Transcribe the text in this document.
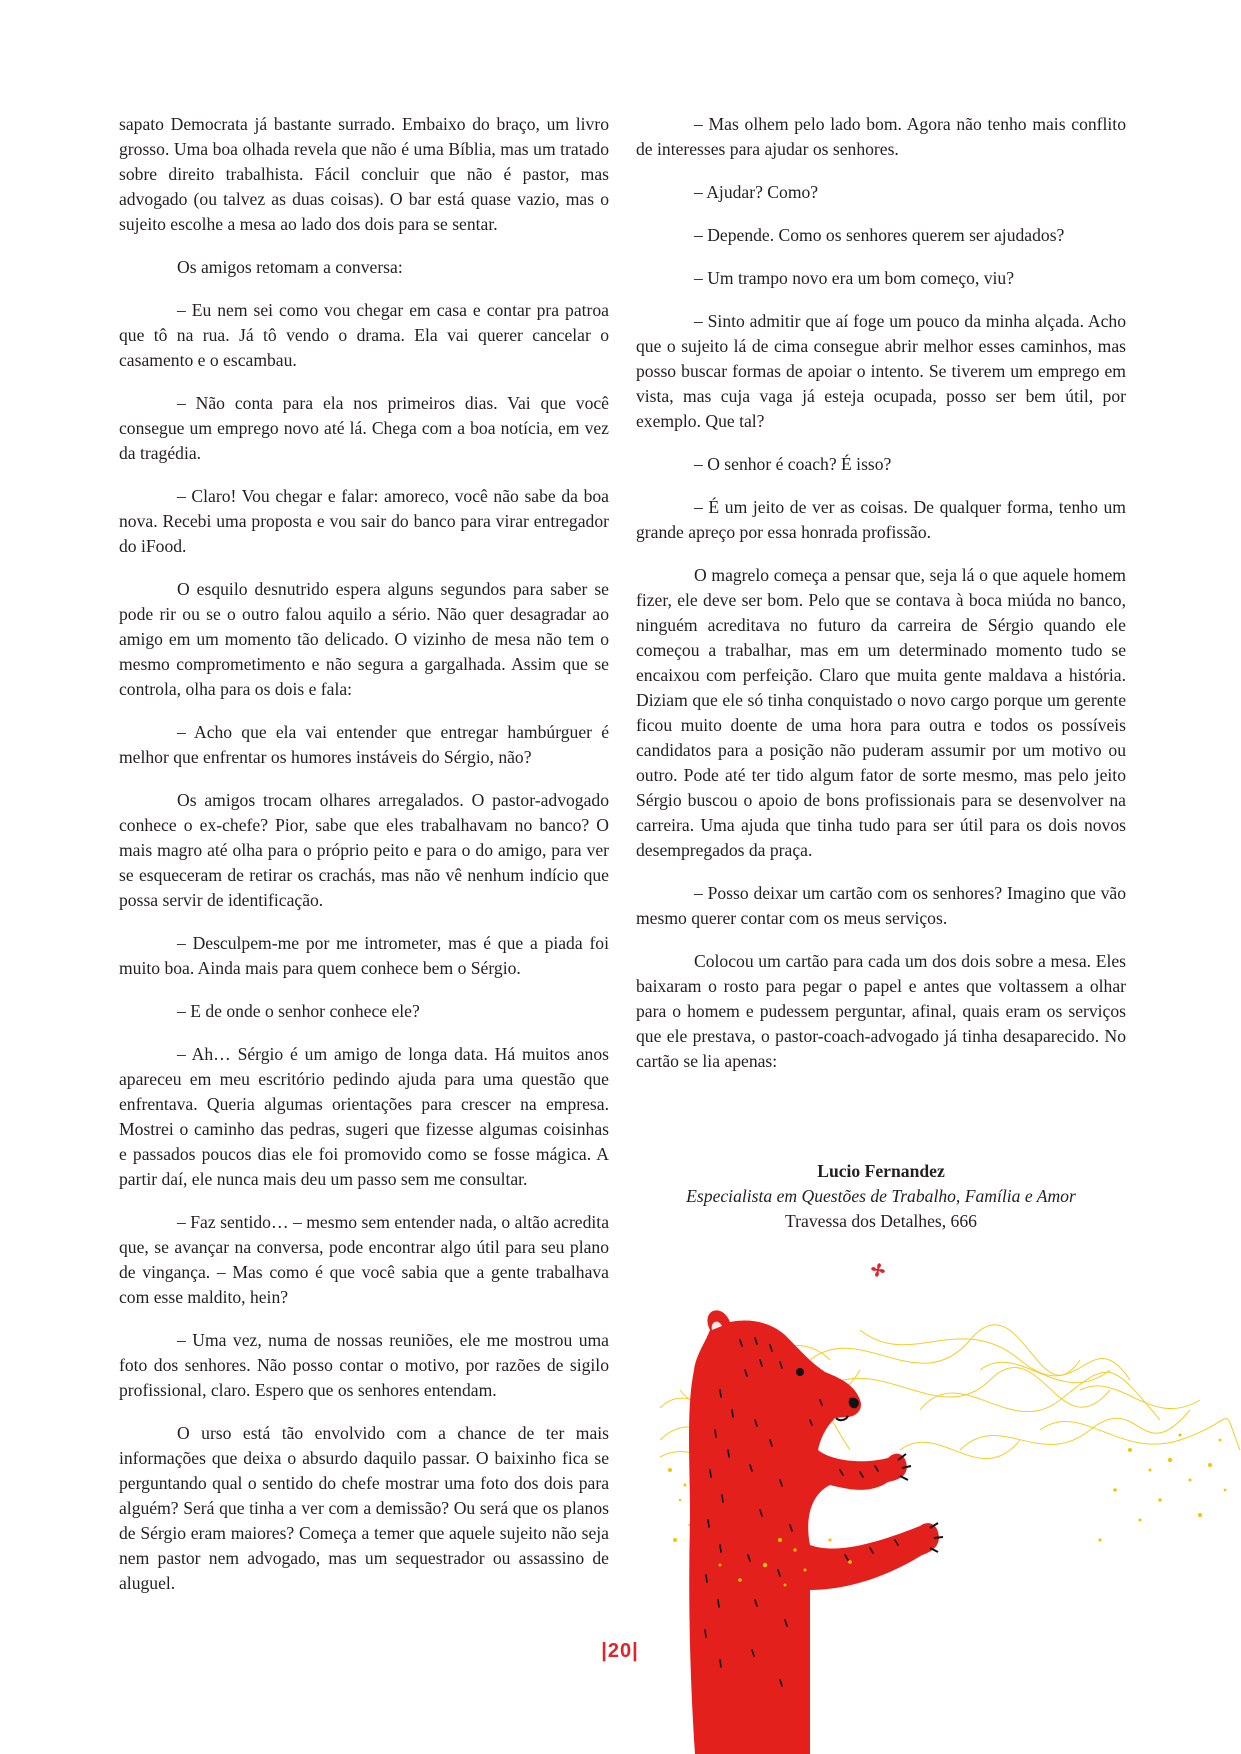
sapato Democrata já bastante surrado. Embaixo do braço, um livro grosso. Uma boa olhada revela que não é uma Bíblia, mas um tratado sobre direito trabalhista. Fácil concluir que não é pastor, mas advogado (ou talvez as duas coisas). O bar está quase vazio, mas o sujeito escolhe a mesa ao lado dos dois para se sentar.

Os amigos retomam a conversa:

– Eu nem sei como vou chegar em casa e contar pra patroa que tô na rua. Já tô vendo o drama. Ela vai querer cancelar o casamento e o escambau.

– Não conta para ela nos primeiros dias. Vai que você consegue um emprego novo até lá. Chega com a boa notícia, em vez da tragédia.

– Claro! Vou chegar e falar: amoreco, você não sabe da boa nova. Recebi uma proposta e vou sair do banco para virar entregador do iFood.

O esquilo desnutrido espera alguns segundos para saber se pode rir ou se o outro falou aquilo a sério. Não quer desagradar ao amigo em um momento tão delicado. O vizinho de mesa não tem o mesmo comprometimento e não segura a gargalhada. Assim que se controla, olha para os dois e fala:

– Acho que ela vai entender que entregar hambúrguer é melhor que enfrentar os humores instáveis do Sérgio, não?

Os amigos trocam olhares arregalados. O pastor-advogado conhece o ex-chefe? Pior, sabe que eles trabalhavam no banco? O mais magro até olha para o próprio peito e para o do amigo, para ver se esqueceram de retirar os crachás, mas não vê nenhum indício que possa servir de identificação.

– Desculpem-me por me intrometer, mas é que a piada foi muito boa. Ainda mais para quem conhece bem o Sérgio.

– E de onde o senhor conhece ele?

– Ah… Sérgio é um amigo de longa data. Há muitos anos apareceu em meu escritório pedindo ajuda para uma questão que enfrentava. Queria algumas orientações para crescer na empresa. Mostrei o caminho das pedras, sugeri que fizesse algumas coisinhas e passados poucos dias ele foi promovido como se fosse mágica. A partir daí, ele nunca mais deu um passo sem me consultar.

– Faz sentido… – mesmo sem entender nada, o altão acredita que, se avançar na conversa, pode encontrar algo útil para seu plano de vingança. – Mas como é que você sabia que a gente trabalhava com esse maldito, hein?

– Uma vez, numa de nossas reuniões, ele me mostrou uma foto dos senhores. Não posso contar o motivo, por razões de sigilo profissional, claro. Espero que os senhores entendam.

O urso está tão envolvido com a chance de ter mais informações que deixa o absurdo daquilo passar. O baixinho fica se perguntando qual o sentido do chefe mostrar uma foto dos dois para alguém? Será que tinha a ver com a demissão? Ou será que os planos de Sérgio eram maiores? Começa a temer que aquele sujeito não seja nem pastor nem advogado, mas um sequestrador ou assassino de aluguel.

– Mas olhem pelo lado bom. Agora não tenho mais conflito de interesses para ajudar os senhores.

– Ajudar? Como?

– Depende. Como os senhores querem ser ajudados?

– Um trampo novo era um bom começo, viu?

– Sinto admitir que aí foge um pouco da minha alçada. Acho que o sujeito lá de cima consegue abrir melhor esses caminhos, mas posso buscar formas de apoiar o intento. Se tiverem um emprego em vista, mas cuja vaga já esteja ocupada, posso ser bem útil, por exemplo. Que tal?

– O senhor é coach? É isso?

– É um jeito de ver as coisas. De qualquer forma, tenho um grande apreço por essa honrada profissão.

O magrelo começa a pensar que, seja lá o que aquele homem fizer, ele deve ser bom. Pelo que se contava à boca miúda no banco, ninguém acreditava no futuro da carreira de Sérgio quando ele começou a trabalhar, mas em um determinado momento tudo se encaixou com perfeição. Claro que muita gente maldava a história. Diziam que ele só tinha conquistado o novo cargo porque um gerente ficou muito doente de uma hora para outra e todos os possíveis candidatos para a posição não puderam assumir por um motivo ou outro. Pode até ter tido algum fator de sorte mesmo, mas pelo jeito Sérgio buscou o apoio de bons profissionais para se desenvolver na carreira. Uma ajuda que tinha tudo para ser útil para os dois novos desempregados da praça.

– Posso deixar um cartão com os senhores? Imagino que vão mesmo querer contar com os meus serviços.

Colocou um cartão para cada um dos dois sobre a mesa. Eles baixaram o rosto para pegar o papel e antes que voltassem a olhar para o homem e pudessem perguntar, afinal, quais eram os serviços que ele prestava, o pastor-coach-advogado já tinha desaparecido. No cartão se lia apenas:

Lucio Fernandez
Especialista em Questões de Trabalho, Família e Amor
Travessa dos Detalhes, 666
|20|
